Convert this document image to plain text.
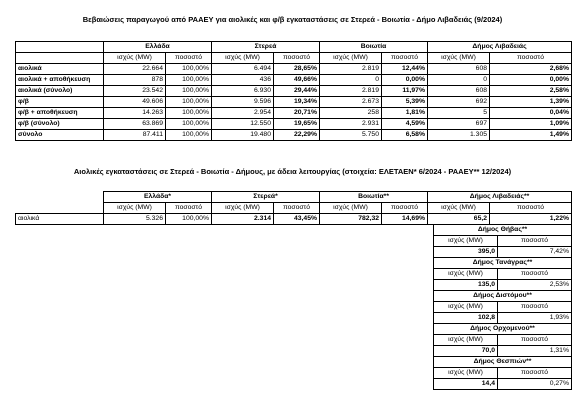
Βεβαιώσεις παραγωγού από ΡΑΑΕΥ για αιολικές και φ/β εγκαταστάσεις σε Στερεά - Βοιωτία - Δήμο Λιβαδειάς (9/2024)
	Ελλάδα		Στερεά		Βοιωτία		Δήμος Λιβαδειάς	
	ισχύς (MW)	ποσοστό	ισχύς (MW)	ποσοστό	ισχύς (MW)	ποσοστό	ισχύς (MW)	ποσοστό
αιολικά	22.664	100,00%	6.494	28,65%	2.819	12,44%	608	2,68%
αιολικά + αποθήκευση	878	100,00%	436	49,66%	0	0,00%	0	0,00%
αιολικά (σύνολο)	23.542	100,00%	6.930	29,44%	2.819	11,97%	608	2,58%
φ/β	49.606	100,00%	9.596	19,34%	2.673	5,39%	692	1,39%
φ/β + αποθήκευση	14.263	100,00%	2.954	20,71%	258	1,81%	5	0,04%
φ/β (σύνολο)	63.869	100,00%	12.550	19,65%	2.931	4,59%	697	1,09%
σύνολο	87.411	100,00%	19.480	22,29%	5.750	6,58%	1.305	1,49%
Αιολικές εγκαταστάσεις σε Στερεά - Βοιωτία - Δήμους, με άδεια λειτουργίας (στοιχεία: ΕΛΕΤΑΕΝ* 6/2024 - ΡΑΑΕΥ** 12/2024)
	Ελλάδα*		Στερεά*		Βοιωτία**		Δήμος Λιβαδειάς**	
	ισχύς (MW)	ποσοστό	ισχύς (MW)	ποσοστό	ισχύς (MW)	ποσοστό	ισχύς (MW)	ποσοστό
αιολικά	5.326	100,00%	2.314	43,45%	782,32	14,69%	65,2	1,22%
Δήμος Θήβας**	
ισχύς (MW)	ποσοστό
395,0	7,42%
Δήμος Τανάγρας**	
ισχύς (MW)	ποσοστό
135,0	2,53%
Δήμος Διστόμου**	
ισχύς (MW)	ποσοστό
102,8	1,93%
Δήμος Ορχομενού**	
ισχύς (MW)	ποσοστό
70,0	1,31%
Δήμος Θεσπιών**	
ισχύς (MW)	ποσοστό
14,4	0,27%
